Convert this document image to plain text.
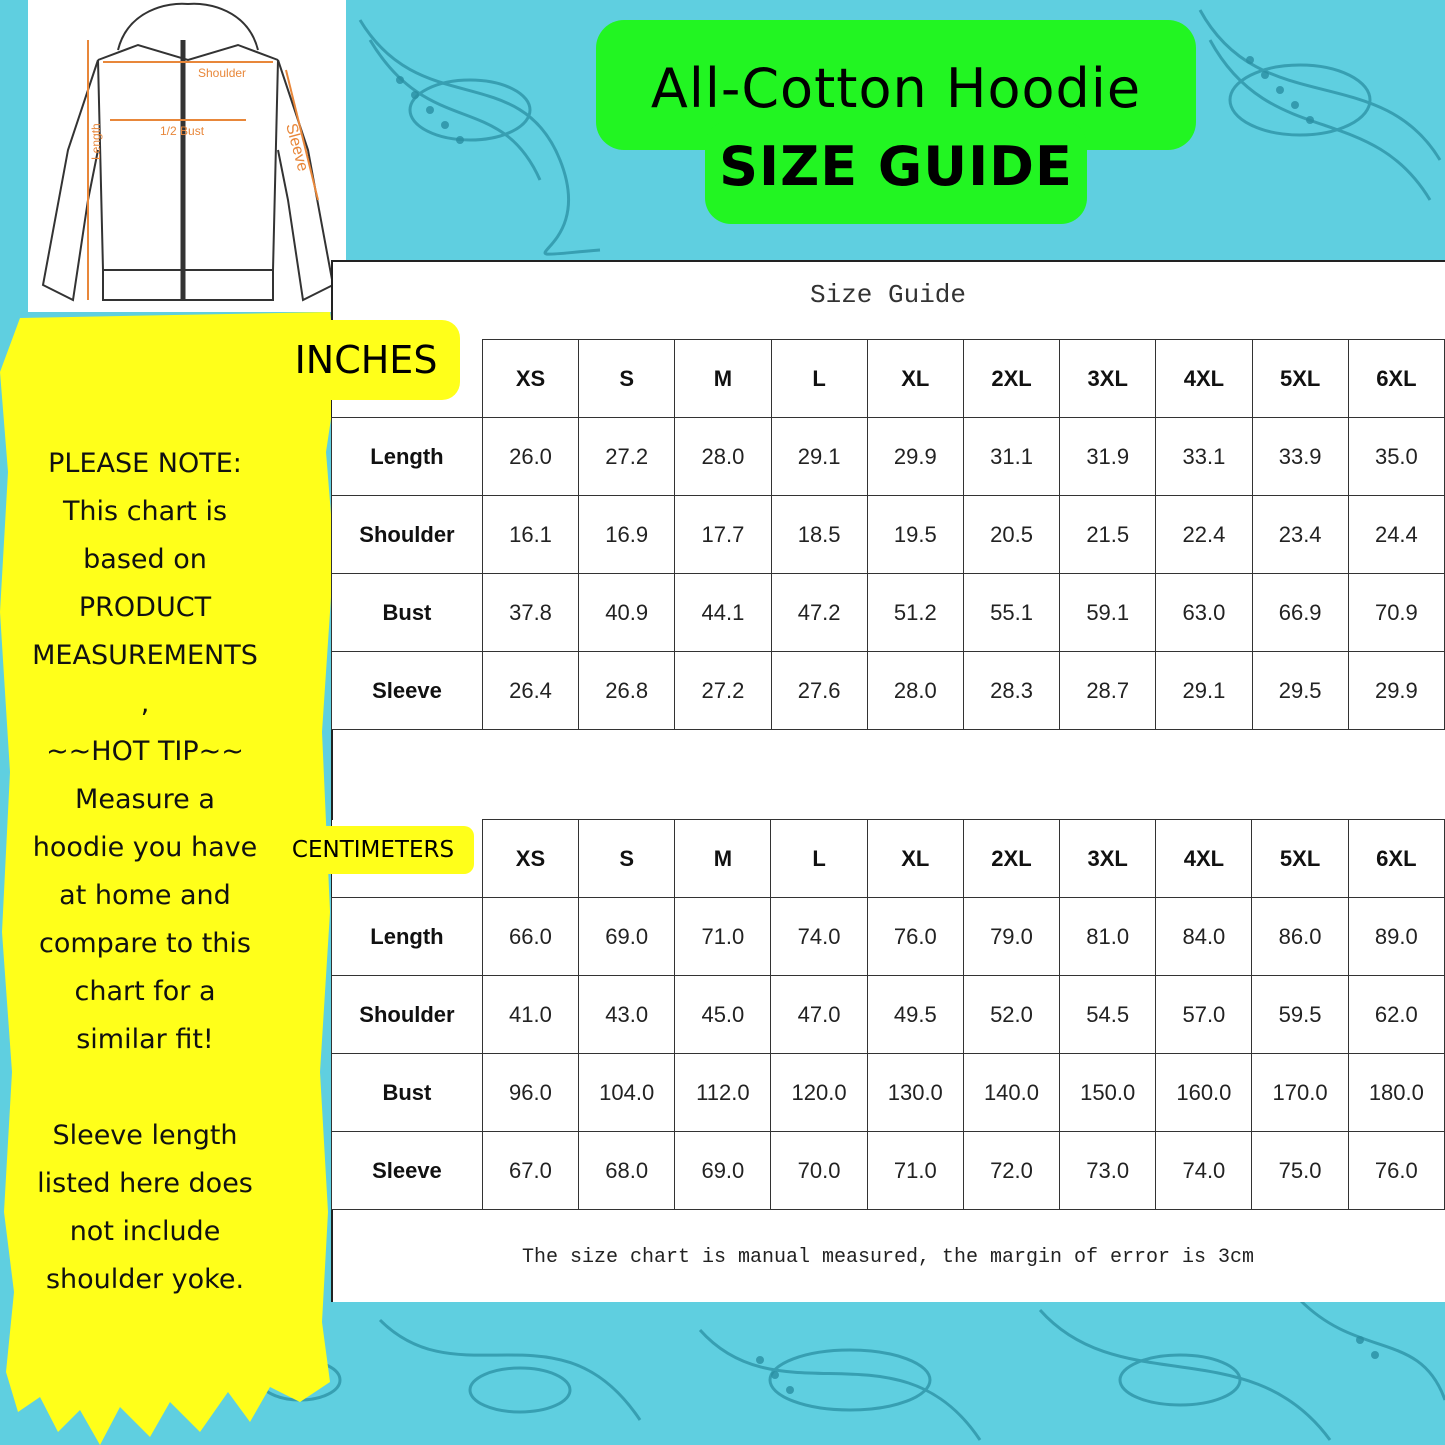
Shoulder
1/2 Bust
Length	Sleeve
All-Cotton Hoodie
SIZE GUIDE
PLEASE NOTE:
This chart is
based on
PRODUCT
MEASUREMENTS
,
~~HOT TIP~~
Measure a
hoodie you have
at home and
compare to this
chart for a
similar fit!

Sleeve length
listed here does
not include
shoulder yoke.
Size Guide
	XS	S	M	L	XL	2XL	3XL	4XL	5XL	6XL
Length	26.0	27.2	28.0	29.1	29.9	31.1	31.9	33.1	33.9	35.0
Shoulder	16.1	16.9	17.7	18.5	19.5	20.5	21.5	22.4	23.4	24.4
Bust	37.8	40.9	44.1	47.2	51.2	55.1	59.1	63.0	66.9	70.9
Sleeve	26.4	26.8	27.2	27.6	28.0	28.3	28.7	29.1	29.5	29.9
	XS	S	M	L	XL	2XL	3XL	4XL	5XL	6XL
Length	66.0	69.0	71.0	74.0	76.0	79.0	81.0	84.0	86.0	89.0
Shoulder	41.0	43.0	45.0	47.0	49.5	52.0	54.5	57.0	59.5	62.0
Bust	96.0	104.0	112.0	120.0	130.0	140.0	150.0	160.0	170.0	180.0
Sleeve	67.0	68.0	69.0	70.0	71.0	72.0	73.0	74.0	75.0	76.0
The size chart is manual measured, the margin of error is 3cm
INCHES
CENTIMETERS
